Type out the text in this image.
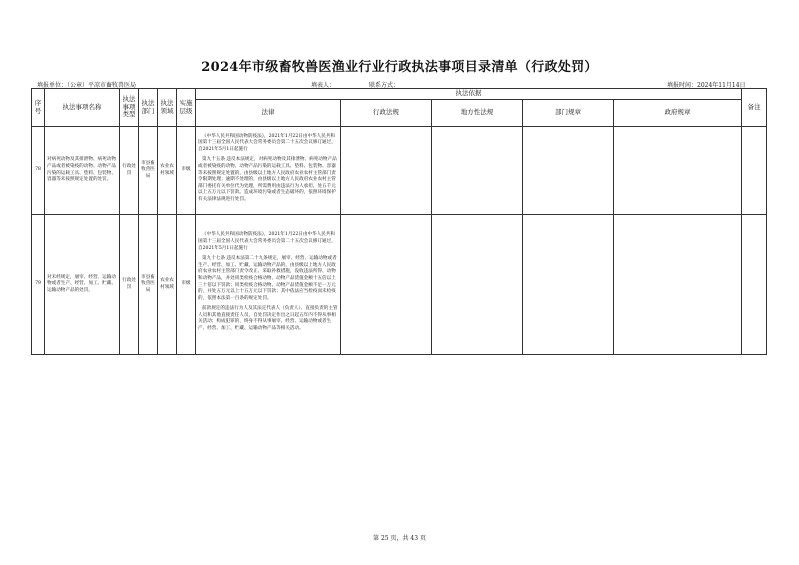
2024年市级畜牧兽医渔业行业行政执法事项目录清单（行政处罚）
填报单位：（公章）平凉市畜牧兽医局	填表人：	联系方式：	填报时间：2024年11月14日
序号	执法事项名称	执法事项类型	执法部门	执法领域	实施层级	执法依据					备注
						法律	行政法规	地方性法规	部门规章	政府规章	
78	对病死动物及其排泄物、病死动物产品或者被染疫的动物、动物产品污染的运载工具、垫料、包装物、容器等未按照规定处置的处罚。	行政处罚	市县畜牧兽医局	农业农村领域	市级	《中华人民共和国动物防疫法》，2021年1月22日由中华人民共和国第十三届全国人民代表大会常务委员会第二十五次会议修订通过，自2021年5月1日起施行

第九十五条 违反本法规定，对病死动物及其排泄物、病死动物产品或者被染疫的动物、动物产品污染的运载工具、垫料、包装物、容器等未按照规定处置的，由县级以上地方人民政府农业农村主管部门责令限期处理；逾期不处理的，由县级以上地方人民政府农业农村主管部门委托有关单位代为处理，所需费用由违法行为人承担，处五千元以上五万元以下罚款。造成环境污染或者生态破坏的，依照环境保护有关法律法规进行处罚。					

79	对未经规定，屠宰、经营、运输动物或者生产、经营、加工、贮藏、运输动物产品的处罚。	行政处罚	市县畜牧兽医局	农业农村领域	市级	《中华人民共和国动物防疫法》，2021年1月22日由中华人民共和国第十三届全国人民代表大会常务委员会第二十五次会议修订通过，自2021年5月1日起施行

第九十七条 违反本法第二十九条规定，屠宰、经营、运输动物或者生产、经营、加工、贮藏、运输动物产品的，由县级以上地方人民政府农业农村主管部门责令改正、采取补救措施，没收违法所得、动物和动物产品，并处同类检疫合格动物、动物产品货值金额十五倍以上三十倍以下罚款；同类检疫合格动物、动物产品货值金额不足一万元的，并处五万元以上十五万元以下罚款；其中依法应当检疫而未检疫的，依照本法第一百条的规定处罚。

前款规定的违法行为人及其法定代表人（负责人）、直接负责的主管人员和其他直接责任人员，自处罚决定作出之日起五年内不得从事相关活动；构成犯罪的，终身不得从事屠宰、经营、运输动物或者生产、经营、加工、贮藏、运输动物产品等相关活动。					

第 25 页，共 43 页
